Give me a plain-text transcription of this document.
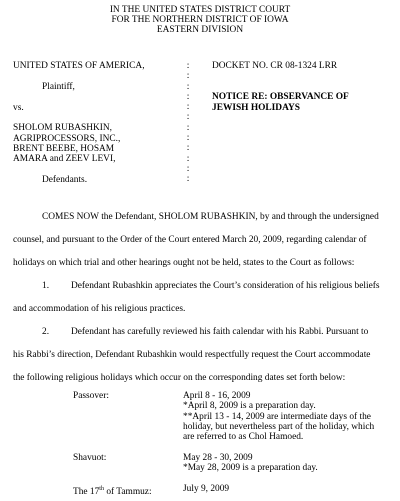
IN THE UNITED STATES DISTRICT COURT
FOR THE NORTHERN DISTRICT OF IOWA
EASTERN DIVISION
UNITED STATES OF AMERICA,
Plaintiff,
vs.
SHOLOM RUBASHKIN,
AGRIPROCESSORS, INC.,
BRENT BEEBE, HOSAM
AMARA and ZEEV LEVI,
Defendants.
:
:
:
:
:
:
:
:
:
:
:
:
DOCKET NO. CR 08-1324 LRR
NOTICE RE: OBSERVANCE OF
JEWISH HOLIDAYS
COMES NOW the Defendant, SHOLOM RUBASHKIN, by and through the undersigned
counsel, and pursuant to the Order of the Court entered March 20, 2009, regarding calendar of
holidays on which trial and other hearings ought not be held, states to the Court as follows:
1. Defendant Rubashkin appreciates the Court’s consideration of his religious beliefs
and accommodation of his religious practices.
2. Defendant has carefully reviewed his faith calendar with his Rabbi. Pursuant to
his Rabbi’s direction, Defendant Rubashkin would respectfully request the Court accommodate
the following religious holidays which occur on the corresponding dates set forth below:
Passover:	April 8 - 16, 2009
*April 8, 2009 is a preparation day.
**April 13 - 14, 2009 are intermediate days of the
holiday, but nevertheless part of the holiday, which
are referred to as Chol Hamoed.
Shavuot:	May 28 - 30, 2009
*May 28, 2009 is a preparation day.
The 17th of Tammuz:	July 9, 2009
